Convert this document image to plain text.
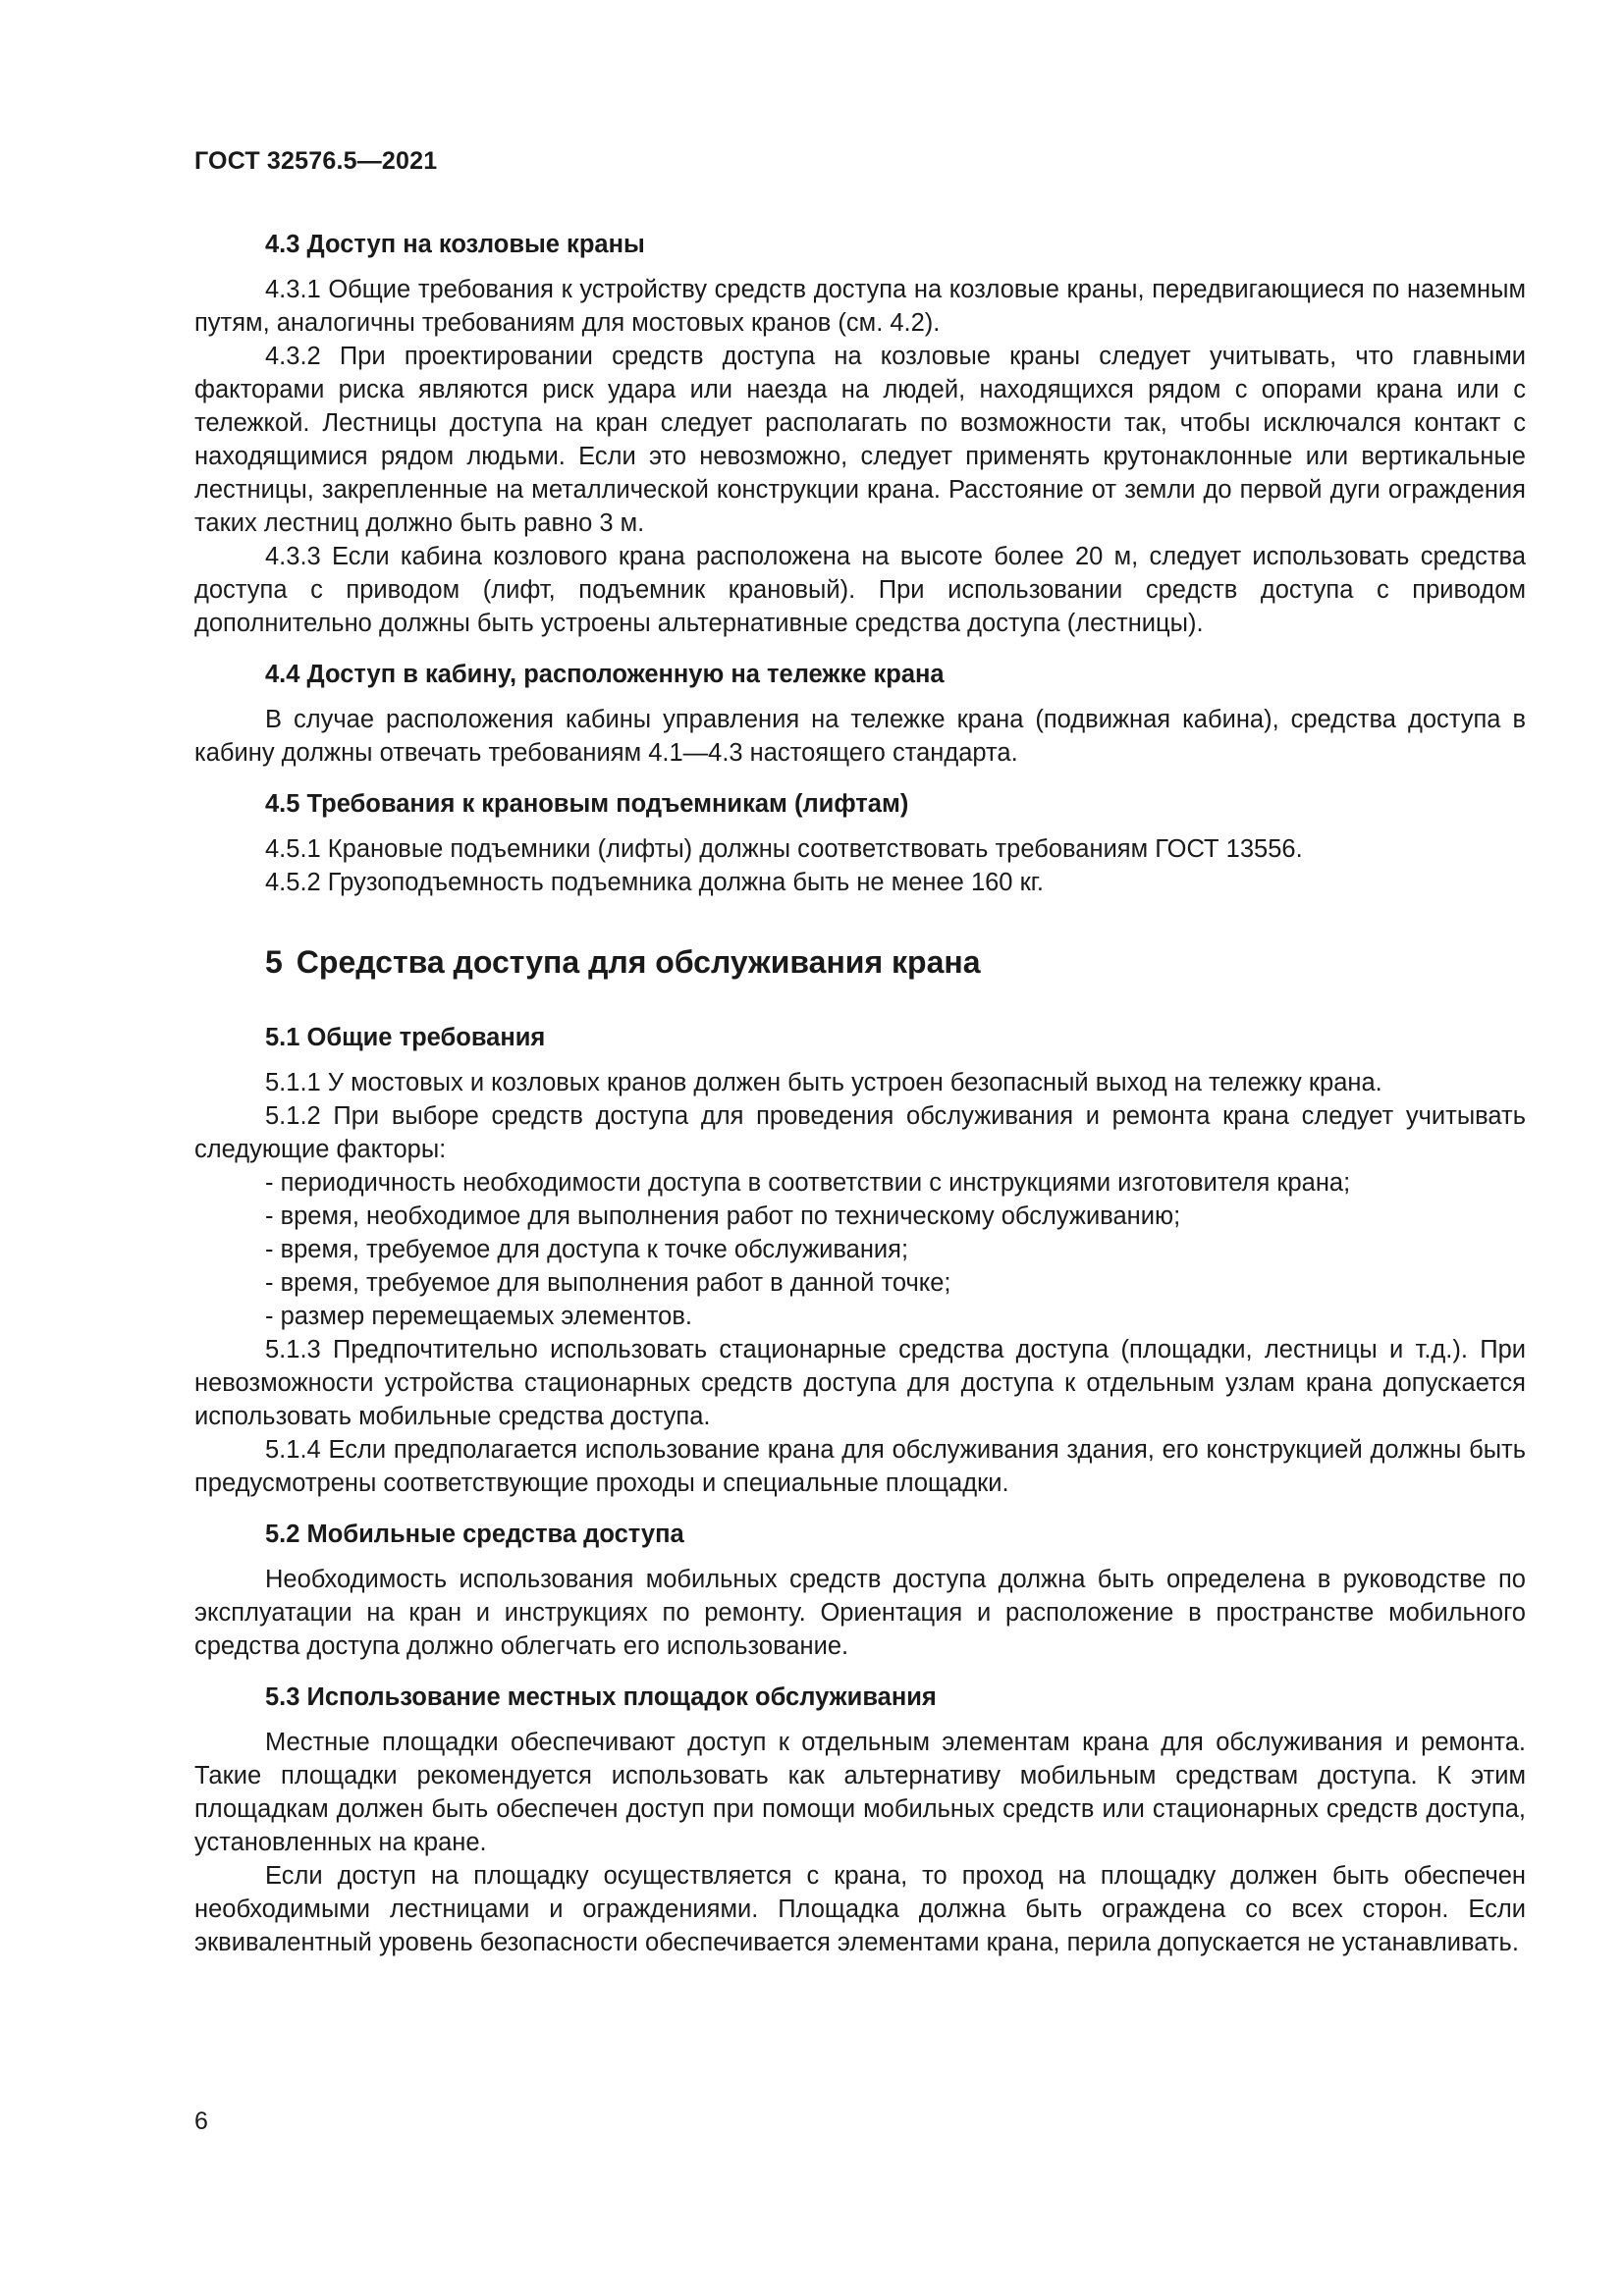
ГОСТ 32576.5—2021
4.3 Доступ на козловые краны

4.3.1 Общие требования к устройству средств доступа на козловые краны, передвигающиеся по наземным путям, аналогичны требованиям для мостовых кранов (см. 4.2).

4.3.2 При проектировании средств доступа на козловые краны следует учитывать, что главными факторами риска являются риск удара или наезда на людей, находящихся рядом с опорами крана или с тележкой. Лестницы доступа на кран следует располагать по возможности так, чтобы исключался контакт с находящимися рядом людьми. Если это невозможно, следует применять крутонаклонные или вертикальные лестницы, закрепленные на металлической конструкции крана. Расстояние от земли до первой дуги ограждения таких лестниц должно быть равно 3 м.

4.3.3 Если кабина козлового крана расположена на высоте более 20 м, следует использовать средства доступа с приводом (лифт, подъемник крановый). При использовании средств доступа с приводом дополнительно должны быть устроены альтернативные средства доступа (лестницы).

4.4 Доступ в кабину, расположенную на тележке крана

В случае расположения кабины управления на тележке крана (подвижная кабина), средства доступа в кабину должны отвечать требованиям 4.1—4.3 настоящего стандарта.

4.5 Требования к крановым подъемникам (лифтам)

4.5.1 Крановые подъемники (лифты) должны соответствовать требованиям ГОСТ 13556.

4.5.2 Грузоподъемность подъемника должна быть не менее 160 кг.

5 Средства доступа для обслуживания крана
5.1 Общие требования

5.1.1 У мостовых и козловых кранов должен быть устроен безопасный выход на тележку крана.

5.1.2 При выборе средств доступа для проведения обслуживания и ремонта крана следует учитывать следующие факторы:

- периодичность необходимости доступа в соответствии с инструкциями изготовителя крана;
- время, необходимое для выполнения работ по техническому обслуживанию;
- время, требуемое для доступа к точке обслуживания;
- время, требуемое для выполнения работ в данной точке;
- размер перемещаемых элементов.

5.1.3 Предпочтительно использовать стационарные средства доступа (площадки, лестницы и т.д.). При невозможности устройства стационарных средств доступа для доступа к отдельным узлам крана допускается использовать мобильные средства доступа.

5.1.4 Если предполагается использование крана для обслуживания здания, его конструкцией должны быть предусмотрены соответствующие проходы и специальные площадки.

5.2 Мобильные средства доступа

Необходимость использования мобильных средств доступа должна быть определена в руководстве по эксплуатации на кран и инструкциях по ремонту. Ориентация и расположение в пространстве мобильного средства доступа должно облегчать его использование.

5.3 Использование местных площадок обслуживания

Местные площадки обеспечивают доступ к отдельным элементам крана для обслуживания и ремонта. Такие площадки рекомендуется использовать как альтернативу мобильным средствам доступа. К этим площадкам должен быть обеспечен доступ при помощи мобильных средств или стационарных средств доступа, установленных на кране.

Если доступ на площадку осуществляется с крана, то проход на площадку должен быть обеспечен необходимыми лестницами и ограждениями. Площадка должна быть ограждена со всех сторон. Если эквивалентный уровень безопасности обеспечивается элементами крана, перила допускается не устанавливать.

6
